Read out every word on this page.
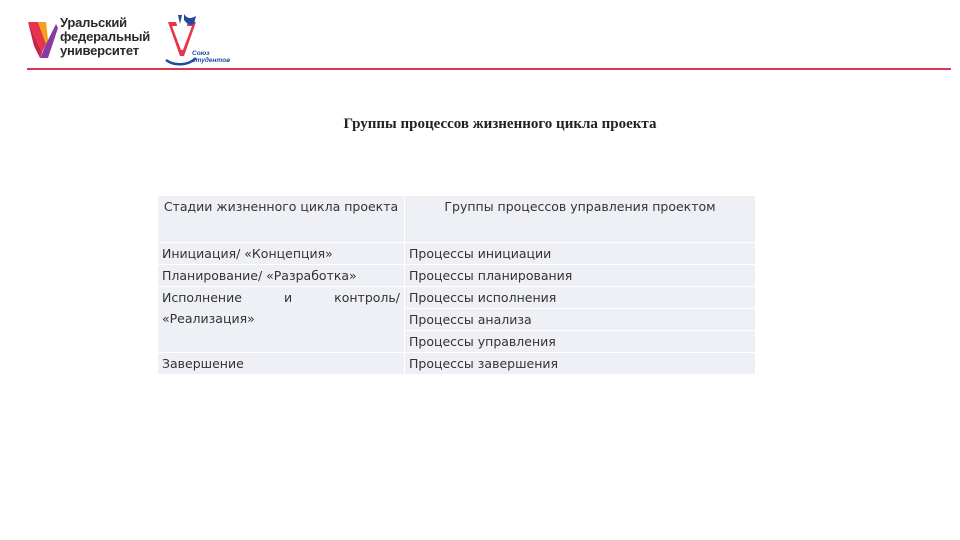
Уральский
федеральный
университет	Союз
студентов
Группы процессов жизненного цикла проекта
Стадии жизненного цикла проекта	Группы процессов управления проектом
Инициация/ «Концепция»	Процессы инициации
Планирование/ «Разработка»	Процессы планирования

Исполнение и контроль/
«Реализация»	Процессы исполнения
	Процессы анализа
	Процессы управления
Завершение	Процессы завершения
